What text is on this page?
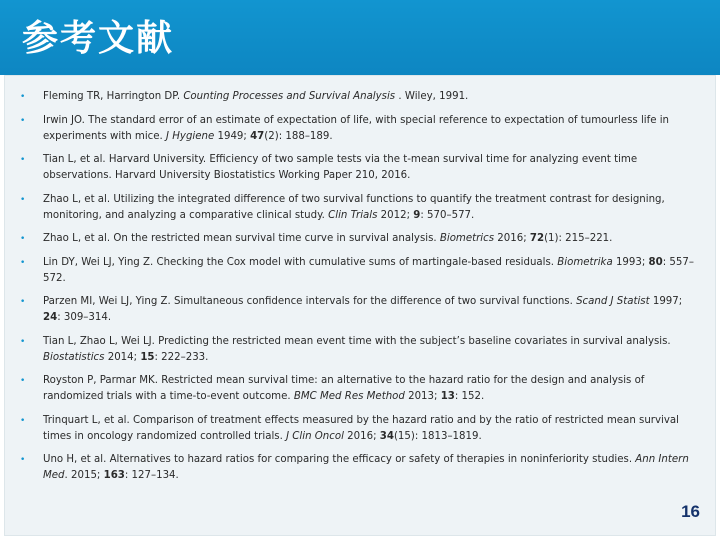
参考文献
• Fleming TR, Harrington DP. Counting Processes and Survival Analysis . Wiley, 1991.
• Irwin JO. The standard error of an estimate of expectation of life, with special reference to expectation of tumourless life in experiments with mice. J Hygiene 1949; 47(2): 188–189.
• Tian L, et al. Harvard University. Efficiency of two sample tests via the t-mean survival time for analyzing event time observations. Harvard University Biostatistics Working Paper 210, 2016.
• Zhao L, et al. Utilizing the integrated difference of two survival functions to quantify the treatment contrast for designing, monitoring, and analyzing a comparative clinical study. Clin Trials 2012; 9: 570–577.
• Zhao L, et al. On the restricted mean survival time curve in survival analysis. Biometrics 2016; 72(1): 215–221.
• Lin DY, Wei LJ, Ying Z. Checking the Cox model with cumulative sums of martingale-based residuals. Biometrika 1993; 80: 557–572.
• Parzen MI, Wei LJ, Ying Z. Simultaneous confidence intervals for the difference of two survival functions. Scand J Statist 1997; 24: 309–314.
• Tian L, Zhao L, Wei LJ. Predicting the restricted mean event time with the subject’s baseline covariates in survival analysis. Biostatistics 2014; 15: 222–233.
• Royston P, Parmar MK. Restricted mean survival time: an alternative to the hazard ratio for the design and analysis of randomized trials with a time-to-event outcome. BMC Med Res Method 2013; 13: 152.
• Trinquart L, et al. Comparison of treatment effects measured by the hazard ratio and by the ratio of restricted mean survival times in oncology randomized controlled trials. J Clin Oncol 2016; 34(15): 1813–1819.
• Uno H, et al. Alternatives to hazard ratios for comparing the efficacy or safety of therapies in noninferiority studies. Ann Intern Med. 2015; 163: 127–134.
16
